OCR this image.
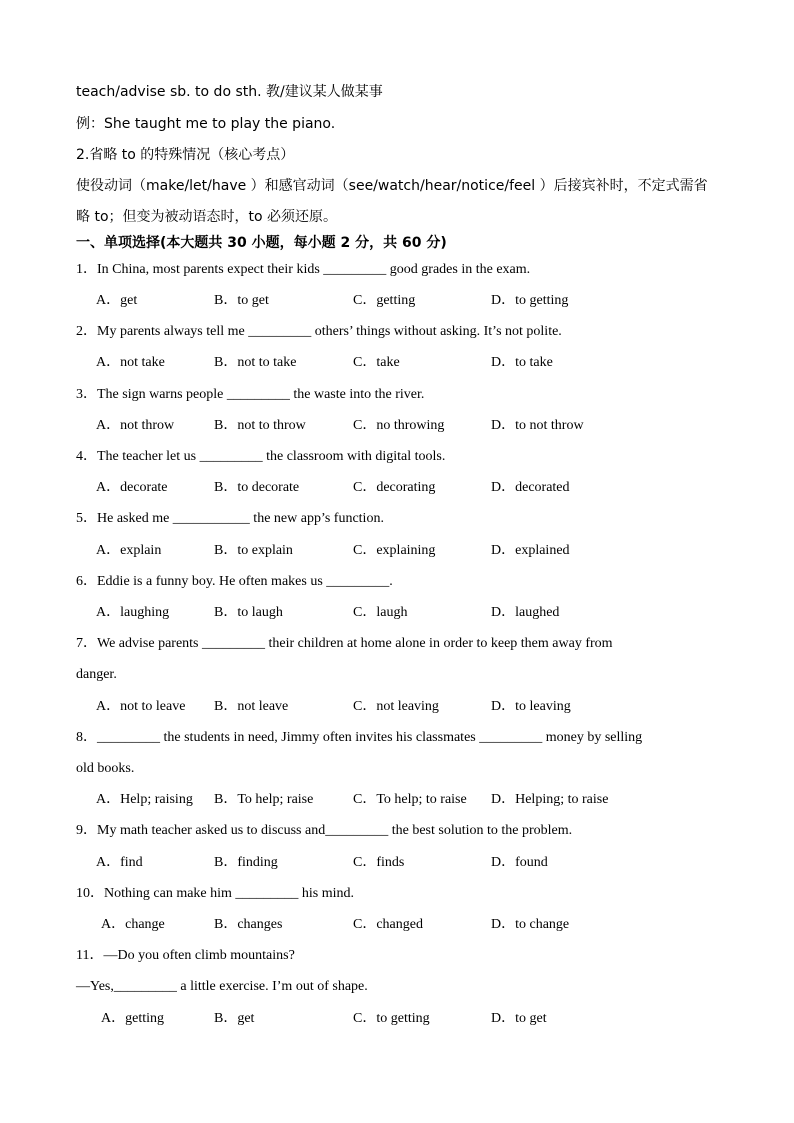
teach/advise sb. to do sth. 教/建议某人做某事
例：She taught me to play the piano.
2.省略 to 的特殊情况（核心考点）
使役动词（make/let/have ）和感官动词（see/watch/hear/notice/feel ）后接宾补时，不定式需省
略 to；但变为被动语态时，to 必须还原。
一、单项选择(本大题共 30 小题，每小题 2 分，共 60 分)
1．In China, most parents expect their kids _________ good grades in the exam.
A．get	B．to get	C．getting	D．to getting
2．My parents always tell me _________ others’ things without asking. It’s not polite.
A．not take	B．not to take	C．take	D．to take
3．The sign warns people _________ the waste into the river.
A．not throw	B．not to throw	C．no throwing	D．to not throw
4．The teacher let us _________ the classroom with digital tools.
A．decorate	B．to decorate	C．decorating	D．decorated
5．He asked me ___________ the new app’s function.
A．explain	B．to explain	C．explaining	D．explained
6．Eddie is a funny boy. He often makes us _________.
A．laughing	B．to laugh	C．laugh	D．laughed
7．We advise parents _________ their children at home alone in order to keep them away from
danger.
A．not to leave B．not leave	C．not leaving	D．to leaving
8．_________ the students in need, Jimmy often invites his classmates _________ money by selling
old books.
A．Help; raising B．To help; raise	C．To help; to raise D．Helping; to raise
9．My math teacher asked us to discuss and_________ the best solution to the problem.
A．find	B．finding	C．finds	D．found
10．Nothing can make him _________ his mind.
A．change	B．changes	C．changed	D．to change
11．—Do you often climb mountains?
—Yes,_________ a little exercise. I’m out of shape.
A．getting	B．get	C．to getting	D．to get
